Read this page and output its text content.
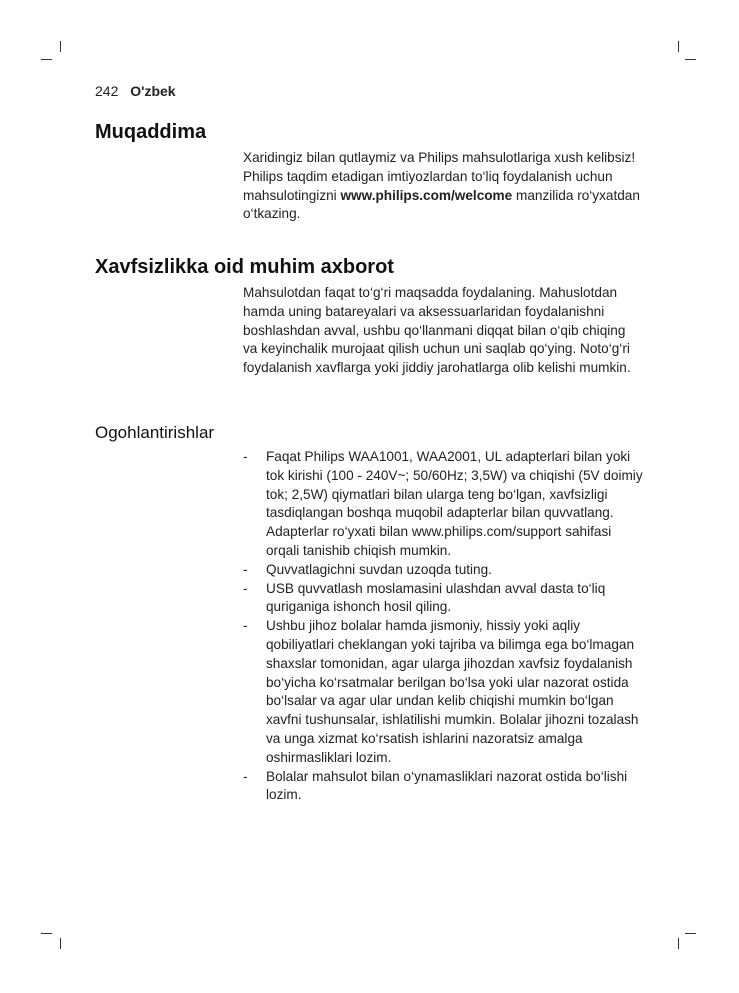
242 O'zbek
Muqaddima
Xaridingiz bilan qutlaymiz va Philips mahsulotlariga xush kelibsiz! Philips taqdim etadigan imtiyozlardan to‘liq foydalanish uchun mahsulotingizni www.philips.com/welcome manzilida ro‘yxatdan o‘tkazing.
Xavfsizlikka oid muhim axborot
Mahsulotdan faqat to‘g‘ri maqsadda foydalaning. Mahuslotdan hamda uning batareyalari va aksessuarlaridan foydalanishni boshlashdan avval, ushbu qo‘llanmani diqqat bilan o‘qib chiqing va keyinchalik murojaat qilish uchun uni saqlab qo‘ying. Noto‘g‘ri foydalanish xavflarga yoki jiddiy jarohatlarga olib kelishi mumkin.
Ogohlantirishlar
- Faqat Philips WAA1001, WAA2001, UL adapterlari bilan yoki tok kirishi (100 - 240V~; 50/60Hz; 3,5W) va chiqishi (5V doimiy tok; 2,5W) qiymatlari bilan ularga teng bo‘lgan, xavfsizligi tasdiqlangan boshqa muqobil adapterlar bilan quvvatlang. Adapterlar ro‘yxati bilan www.philips.com/support sahifasi orqali tanishib chiqish mumkin.
- Quvvatlagichni suvdan uzoqda tuting.
- USB quvvatlash moslamasini ulashdan avval dasta to‘liq quriganiga ishonch hosil qiling.
- Ushbu jihoz bolalar hamda jismoniy, hissiy yoki aqliy qobiliyatlari cheklangan yoki tajriba va bilimga ega bo‘lmagan shaxslar tomonidan, agar ularga jihozdan xavfsiz foydalanish bo‘yicha ko‘rsatmalar berilgan bo‘lsa yoki ular nazorat ostida bo‘lsalar va agar ular undan kelib chiqishi mumkin bo‘lgan xavfni tushunsalar, ishlatilishi mumkin. Bolalar jihozni tozalash va unga xizmat ko‘rsatish ishlarini nazoratsiz amalga oshirmasliklari lozim.
- Bolalar mahsulot bilan o‘ynamasliklari nazorat ostida bo‘lishi lozim.
